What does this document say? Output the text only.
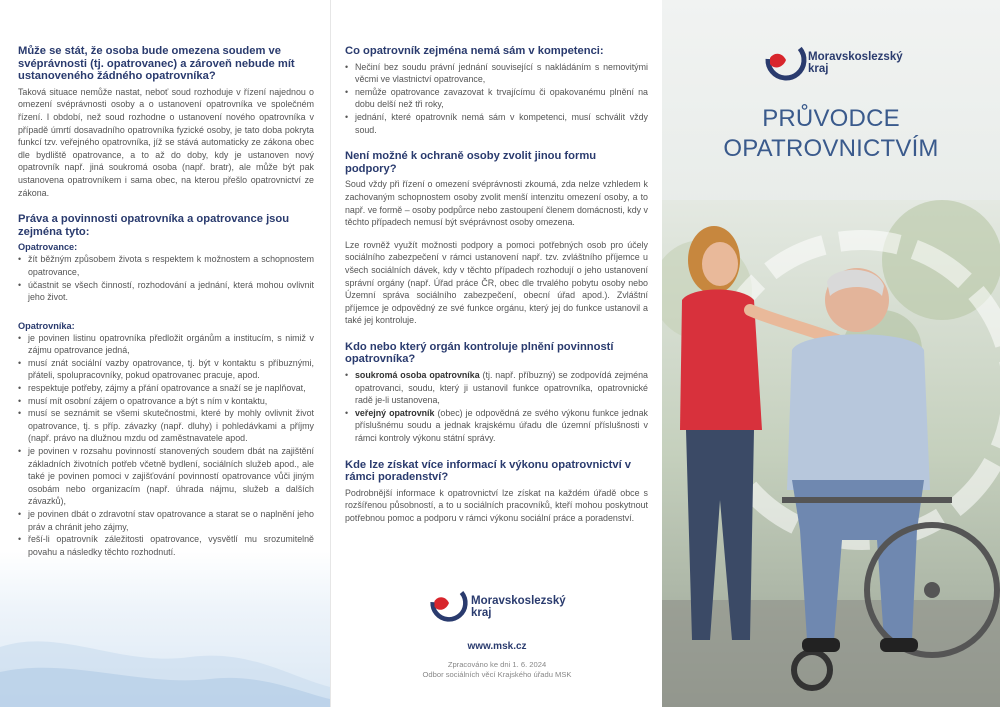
Může se stát, že osoba bude omezena soudem ve svéprávnosti (tj. opatrovanec) a zároveň nebude mít ustanoveného žádného opatrovníka?

Taková situace nemůže nastat, neboť soud rozhoduje v řízení najednou o omezení svéprávnosti osoby a o ustanovení opatrovníka ve společném řízení. I období, než soud rozhodne o ustanovení nového opatrovníka v případě úmrtí dosavadního opatrovníka fyzické osoby, je tato doba pokryta funkcí tzv. veřejného opatrovníka, jíž se stává automaticky ze zákona obec dle bydliště opatrovance, a to až do doby, kdy je ustanoven nový opatrovník např. jiná soukromá osoba (např. bratr), ale může být pak ustanovena opatrovníkem i sama obec, na kterou přešlo opatrovnictví ze zákona.

Práva a povinnosti opatrovníka a opatrovance jsou zejména tyto:
Opatrovance:
• žít běžným způsobem života s respektem k možnostem a schopnostem opatrovance,
• účastnit se všech činností, rozhodování a jednání, která mohou ovlivnit jeho život.
Opatrovníka:
• je povinen listinu opatrovníka předložit orgánům a institucím, s nimiž v zájmu opatrovance jedná,
• musí znát sociální vazby opatrovance, tj. být v kontaktu s příbuznými, přáteli, spolupracovníky, pokud opatrovanec pracuje, apod.
• respektuje potřeby, zájmy a přání opatrovance a snaží se je naplňovat,
• musí mít osobní zájem o opatrovance a být s ním v kontaktu,
• musí se seznámit se všemi skutečnostmi, které by mohly ovlivnit život opatrovance, tj. s příp. závazky (např. dluhy) i pohledávkami a příjmy (např. právo na dlužnou mzdu od zaměstnavatele apod.
• je povinen v rozsahu povinností stanovených soudem dbát na zajištění základních životních potřeb včetně bydlení, sociálních služeb apod., ale také je povinen pomoci v zajišťování povinností opatrovance vůči jiným osobám nebo organizacím (např. úhrada nájmu, služeb a dalších závazků),
• je povinen dbát o zdravotní stav opatrovance a starat se o naplnění jeho práv a chránit jeho zájmy,
• řeší-li opatrovník záležitosti opatrovance, vysvětlí mu srozumitelně povahu a následky těchto rozhodnutí.
Co opatrovník zejména nemá sám v kompetenci:
• Nečiní bez soudu právní jednání související s nakládáním s nemovitými věcmi ve vlastnictví opatrovance,
• nemůže opatrovance zavazovat k trvajícímu či opakovanému plnění na dobu delší než tři roky,
• jednání, které opatrovník nemá sám v kompetenci, musí schválit vždy soud.
Není možné k ochraně osoby zvolit jinou formu podpory?

Soud vždy při řízení o omezení svéprávnosti zkoumá, zda nelze vzhledem k zachovaným schopnostem osoby zvolit menší intenzitu omezení osoby, a to např. ve formě – osoby podpůrce nebo zastoupení členem domácnosti, kdy v těchto případech nemusí být svéprávnost osoby omezena.

Lze rovněž využít možnosti podpory a pomoci potřebných osob pro účely sociálního zabezpečení v rámci ustanovení např. tzv. zvláštního příjemce u všech sociálních dávek, kdy v těchto případech rozhodují o jeho ustanovení správní orgány (např. Úřad práce ČR, obec dle trvalého pobytu osoby nebo Územní správa sociálního zabezpečení, obecní úřad apod.). Zvláštní příjemce je odpovědný ze své funkce orgánu, který jej do funkce ustanovil a také jej kontroluje.

Kdo nebo který orgán kontroluje plnění povinností opatrovníka?
• soukromá osoba opatrovníka (tj. např. příbuzný) se zodpovídá zejména opatrovanci, soudu, který ji ustanovil funkce opatrovníka, opatrovnické radě je-li ustanovena,
• veřejný opatrovník (obec) je odpovědná ze svého výkonu funkce jednak příslušnému soudu a jednak krajskému úřadu dle územní příslušnosti v rámci kontroly výkonu státní správy.
Kde lze získat více informací k výkonu opatrovnictví v rámci poradenství?

Podrobnější informace k opatrovnictví lze získat na každém úřadě obce s rozšířenou působností, a to u sociálních pracovníků, kteří mohou poskytnout potřebnou pomoc a podporu v rámci výkonu sociální práce a poradenství.

Moravskoslezský
kraj
www.msk.cz
Zpracováno ke dni 1. 6. 2024
Odbor sociálních věcí Krajského úřadu MSK
Moravskoslezský
kraj
PRŮVODCE
OPATROVNICTVÍM
